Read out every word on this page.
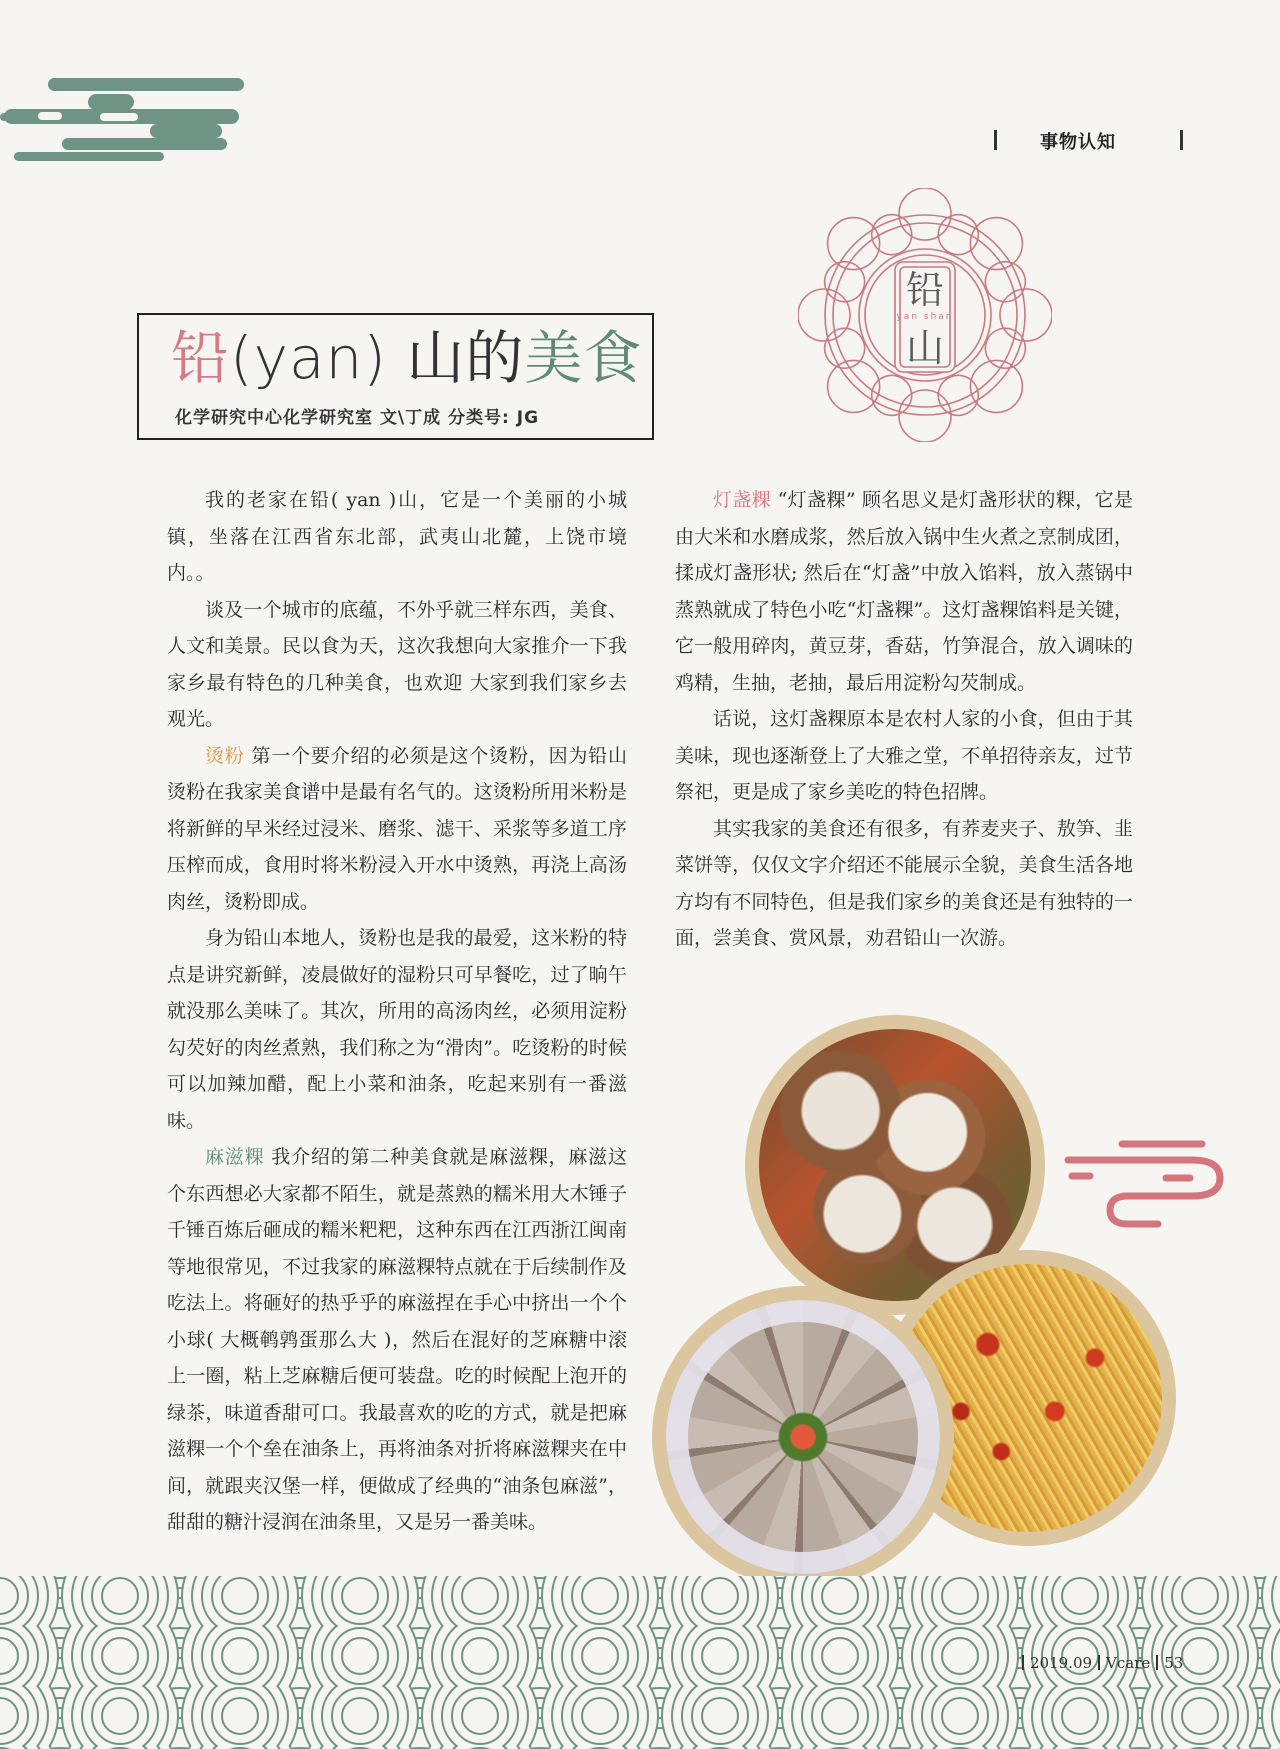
事物认知
铅
yan shan
山
铅(yan) 山的美食
化学研究中心化学研究室 文\丁成 分类号: JG

我的老家在铅( yan )山，它是一个美丽的小城镇，坐落在江西省东北部，武夷山北麓，上饶市境内。。

谈及一个城市的底蕴，不外乎就三样东西，美食、人文和美景。民以食为天，这次我想向大家推介一下我家乡最有特色的几种美食，也欢迎 大家到我们家乡去观光。

烫粉 第一个要介绍的必须是这个烫粉，因为铅山烫粉在我家美食谱中是最有名气的。这烫粉所用米粉是将新鲜的早米经过浸米、磨浆、滤干、采浆等多道工序压榨而成，食用时将米粉浸入开水中烫熟，再浇上高汤肉丝，烫粉即成。

身为铅山本地人，烫粉也是我的最爱，这米粉的特点是讲究新鲜，凌晨做好的湿粉只可早餐吃，过了晌午就没那么美味了。其次，所用的高汤肉丝，必须用淀粉勾芡好的肉丝煮熟，我们称之为“滑肉”。吃烫粉的时候可以加辣加醋，配上小菜和油条，吃起来别有一番滋味。

麻滋粿 我介绍的第二种美食就是麻滋粿，麻滋这个东西想必大家都不陌生，就是蒸熟的糯米用大木锤子千锤百炼后砸成的糯米粑粑，这种东西在江西浙江闽南等地很常见，不过我家的麻滋粿特点就在于后续制作及吃法上。将砸好的热乎乎的麻滋捏在手心中挤出一个个小球( 大概鹌鹑蛋那么大 )，然后在混好的芝麻糖中滚上一圈，粘上芝麻糖后便可装盘。吃的时候配上泡开的绿茶，味道香甜可口。我最喜欢的吃的方式，就是把麻滋粿一个个垒在油条上，再将油条对折将麻滋粿夹在中间，就跟夹汉堡一样，便做成了经典的“油条包麻滋”，甜甜的糖汁浸润在油条里，又是另一番美味。

灯盏粿 “灯盏粿” 顾名思义是灯盏形状的粿，它是由大米和水磨成浆，然后放入锅中生火煮之烹制成团，揉成灯盏形状; 然后在“灯盏”中放入馅料，放入蒸锅中蒸熟就成了特色小吃“灯盏粿”。这灯盏粿馅料是关键，它一般用碎肉，黄豆芽，香菇，竹笋混合，放入调味的鸡精，生抽，老抽，最后用淀粉勾芡制成。

话说，这灯盏粿原本是农村人家的小食，但由于其美味，现也逐渐登上了大雅之堂，不单招待亲友，过节祭祀，更是成了家乡美吃的特色招牌。

其实我家的美食还有很多，有荞麦夹子、敖笋、韭菜饼等，仅仅文字介绍还不能展示全貌，美食生活各地方均有不同特色，但是我们家乡的美食还是有独特的一面，尝美食、赏风景，劝君铅山一次游。

2019.09 Vcare 53
